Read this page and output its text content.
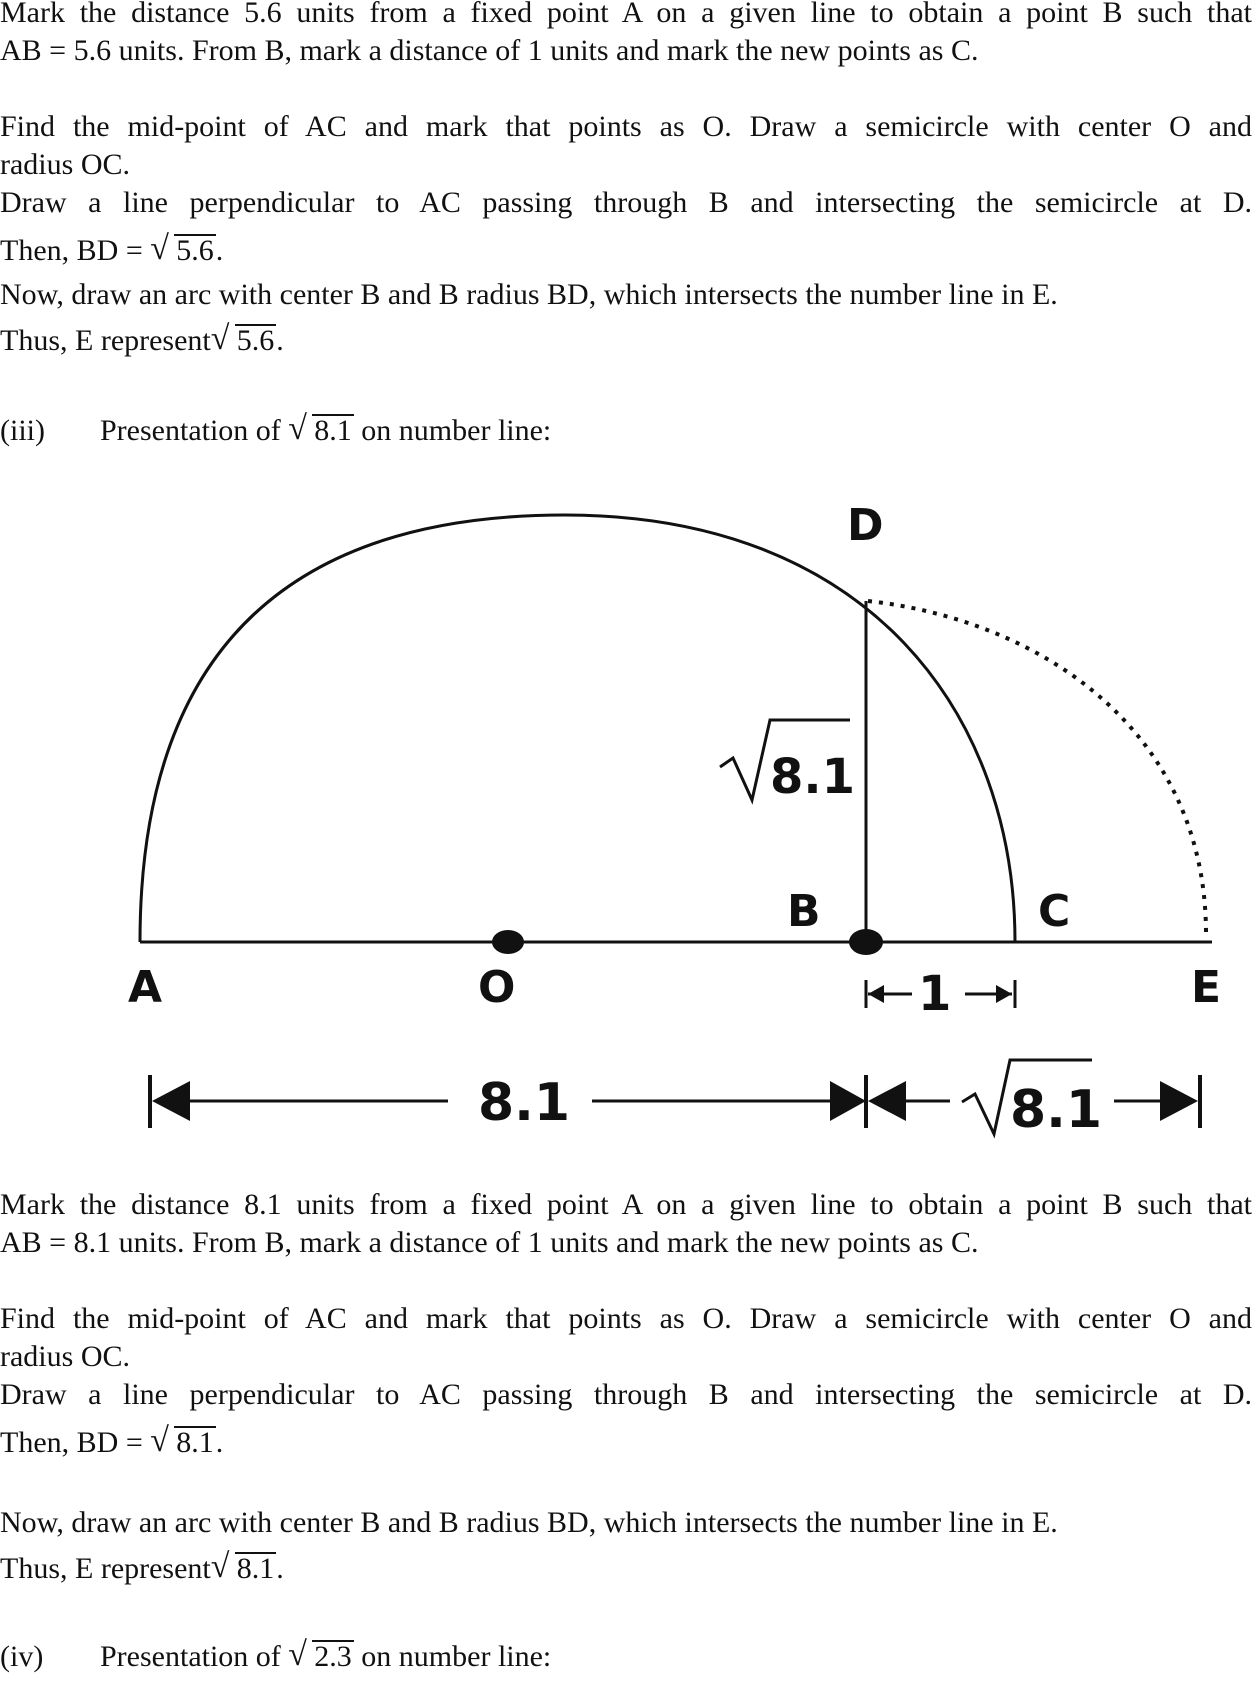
Mark the distance 5.6 units from a fixed point A on a given line to obtain a point B such that
AB = 5.6 units. From B, mark a distance of 1 units and mark the new points as C.
Find the mid-point of AC and mark that points as O. Draw a semicircle with center O and
radius OC.
Draw a line perpendicular to AC passing through B and intersecting the semicircle at D.
Then, BD = √ 5.6.
Now, draw an arc with center B and B radius BD, which intersects the number line in E.
Thus, E represent √ 5.6.
(iii) Presentation of √ 8.1 on number line:
A	O
B	C
D
E
8.1
1
8.1	8.1
Mark the distance 8.1 units from a fixed point A on a given line to obtain a point B such that
AB = 8.1 units. From B, mark a distance of 1 units and mark the new points as C.
Find the mid-point of AC and mark that points as O. Draw a semicircle with center O and
radius OC.
Draw a line perpendicular to AC passing through B and intersecting the semicircle at D.
Then, BD = √ 8.1.
Now, draw an arc with center B and B radius BD, which intersects the number line in E.
Thus, E represent √ 8.1.
(iv) Presentation of √ 2.3 on number line:
